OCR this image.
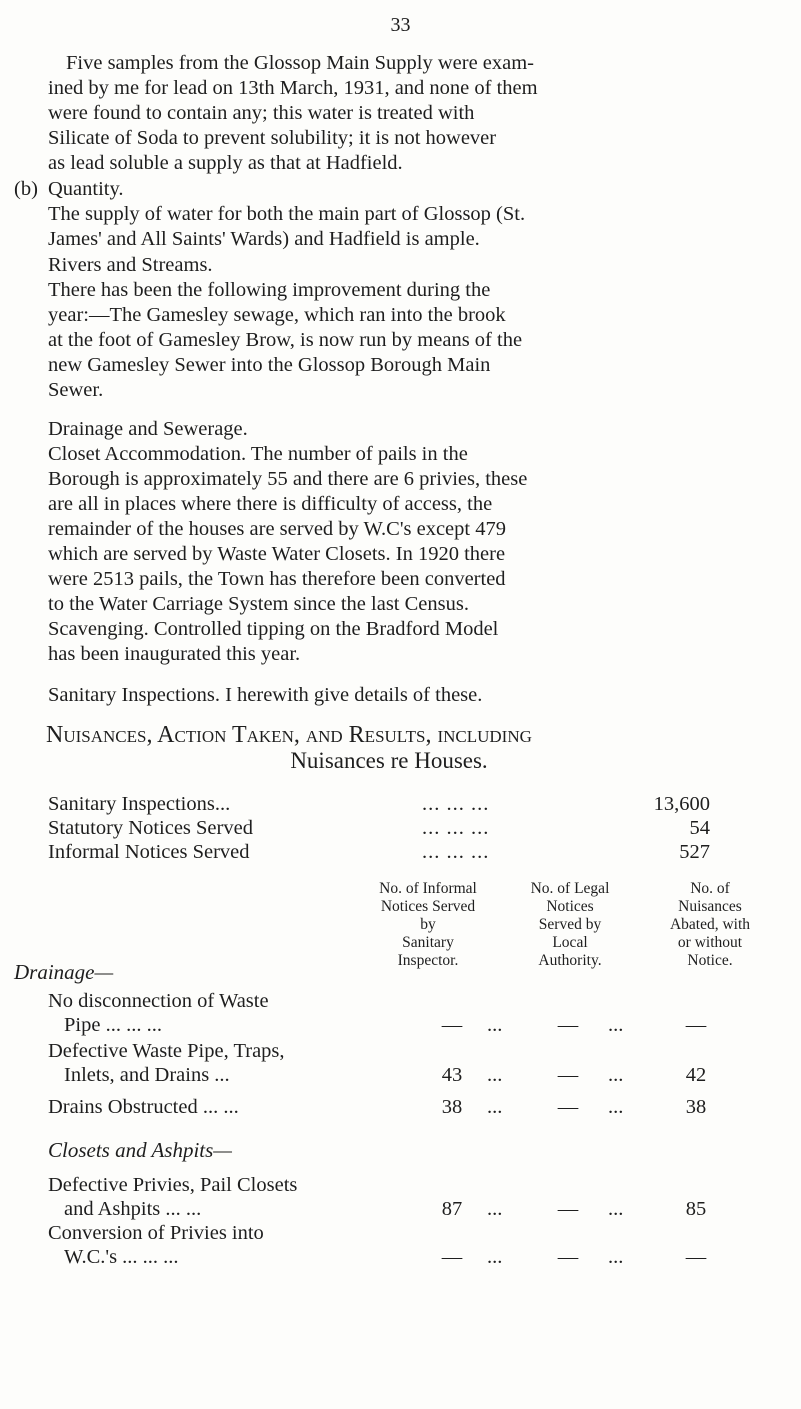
33
Five samples from the Glossop Main Supply were exam-
ined by me for lead on 13th March, 1931, and none of them
were found to contain any; this water is treated with
Silicate of Soda to prevent solubility; it is not however
as lead soluble a supply as that at Hadfield.
(b) Quantity.
The supply of water for both the main part of Glossop (St.
James' and All Saints' Wards) and Hadfield is ample.
Rivers and Streams.
There has been the following improvement during the
year:—The Gamesley sewage, which ran into the brook
at the foot of Gamesley Brow, is now run by means of the
new Gamesley Sewer into the Glossop Borough Main
Sewer.
Drainage and Sewerage.
Closet Accommodation. The number of pails in the
Borough is approximately 55 and there are 6 privies, these
are all in places where there is difficulty of access, the
remainder of the houses are served by W.C's except 479
which are served by Waste Water Closets. In 1920 there
were 2513 pails, the Town has therefore been converted
to the Water Carriage System since the last Census.
Scavenging. Controlled tipping on the Bradford Model
has been inaugurated this year.
Sanitary Inspections. I herewith give details of these.
Nuisances, Action Taken, and Results, including
Nuisances re Houses.
Sanitary Inspections...	... ... ...	13,600
Statutory Notices Served	... ... ...	54
Informal Notices Served	... ... ...	527
No. of Informal
Notices Served
by
Sanitary
Inspector.
No. of Legal
Notices
Served by
Local
Authority.
No. of
Nuisances
Abated, with
or without
Notice.
Drainage—
No disconnection of Waste
Pipe ... ... ...	—	...	—	...	—
Defective Waste Pipe, Traps,
Inlets, and Drains ...	43	...	—	...	42
Drains Obstructed ... ...	38	...	—	...	38
Closets and Ashpits—
Defective Privies, Pail Closets
and Ashpits ... ...	87	...	—	...	85
Conversion of Privies into
W.C.'s ... ... ...	—	...	—	...	—
